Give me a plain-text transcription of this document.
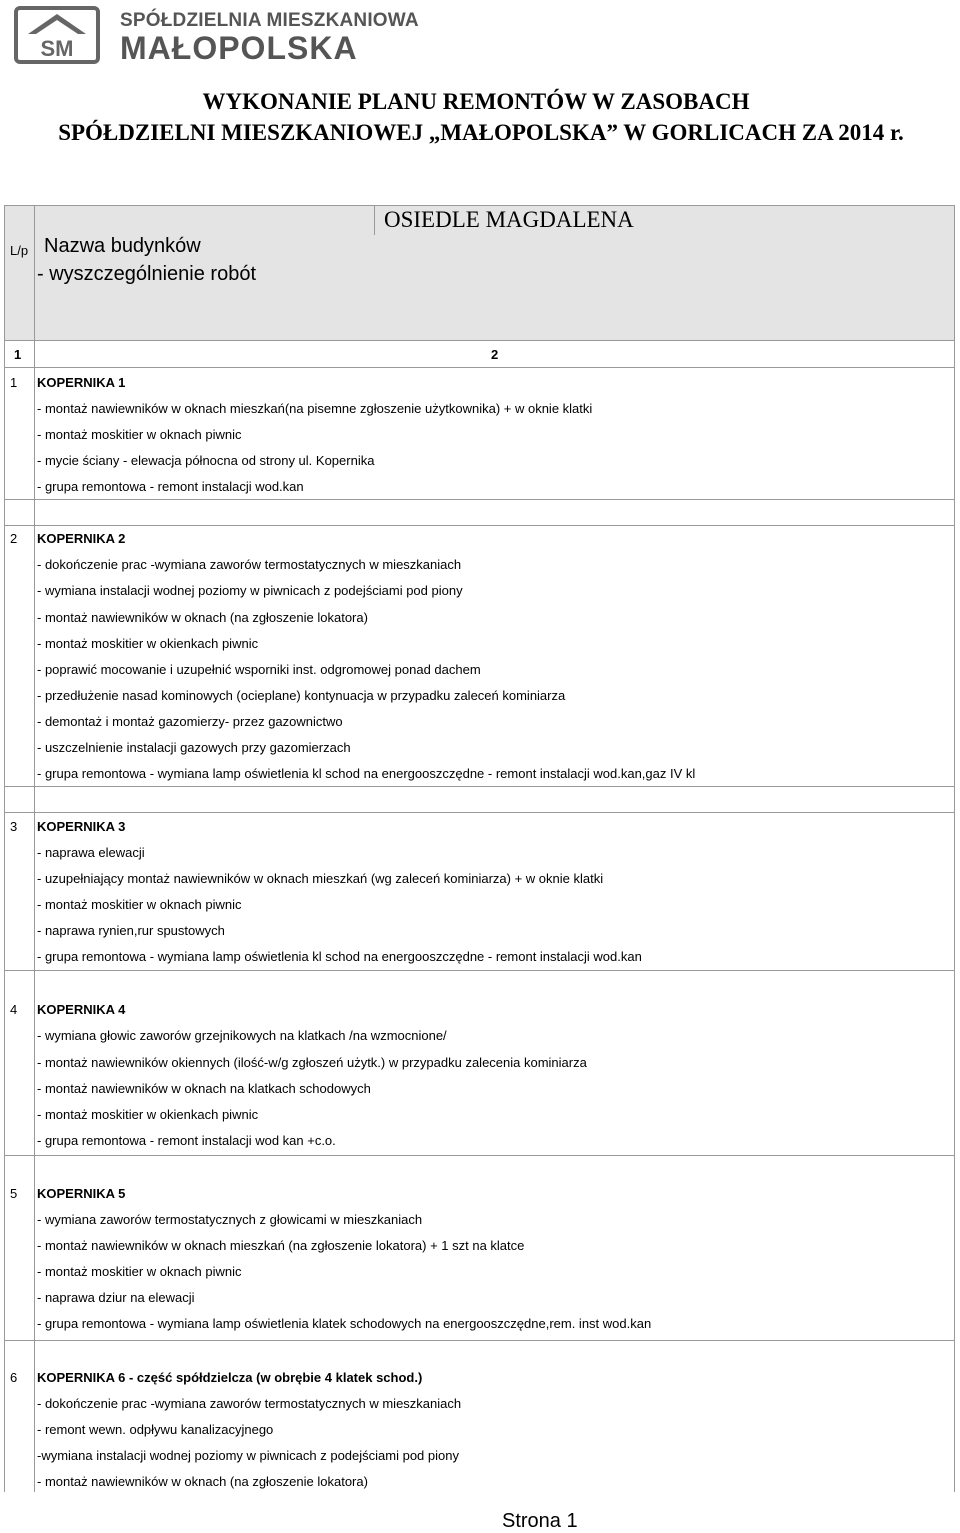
SM
SPÓŁDZIELNIA MIESZKANIOWA
MAŁOPOLSKA
WYKONANIE PLANU REMONTÓW W ZASOBACH
SPÓŁDZIELNI MIESZKANIOWEJ „MAŁOPOLSKA” W GORLICACH ZA 2014 r.
L/p Nazwa budynków
- wyszczególnienie robót
OSIEDLE MAGDALENA
1	2
1 KOPERNIKA 1
- montaż nawiewników w oknach mieszkań(na pisemne zgłoszenie użytkownika) + w oknie klatki
- montaż moskitier w oknach piwnic
- mycie ściany - elewacja północna od strony ul. Kopernika
- grupa remontowa - remont instalacji wod.kan
2 KOPERNIKA 2
- dokończenie prac -wymiana zaworów termostatycznych w mieszkaniach
- wymiana instalacji wodnej poziomy w piwnicach z podejściami pod piony
- montaż nawiewników w oknach (na zgłoszenie lokatora)
- montaż moskitier w okienkach piwnic
- poprawić mocowanie i uzupełnić wsporniki inst. odgromowej ponad dachem
- przedłużenie nasad kominowych (ocieplane) kontynuacja w przypadku zaleceń kominiarza
- demontaż i montaż gazomierzy- przez gazownictwo
- uszczelnienie instalacji gazowych przy gazomierzach
- grupa remontowa - wymiana lamp oświetlenia kl schod na energooszczędne - remont instalacji wod.kan,gaz IV kl
3 KOPERNIKA 3
- naprawa elewacji
- uzupełniający montaż nawiewników w oknach mieszkań (wg zaleceń kominiarza) + w oknie klatki
- montaż moskitier w oknach piwnic
- naprawa rynien,rur spustowych
- grupa remontowa - wymiana lamp oświetlenia kl schod na energooszczędne - remont instalacji wod.kan
4 KOPERNIKA 4
- wymiana głowic zaworów grzejnikowych na klatkach /na wzmocnione/
- montaż nawiewników okiennych (ilość-w/g zgłoszeń użytk.) w przypadku zalecenia kominiarza
- montaż nawiewników w oknach na klatkach schodowych
- montaż moskitier w okienkach piwnic
- grupa remontowa - remont instalacji wod kan +c.o.
5 KOPERNIKA 5
- wymiana zaworów termostatycznych z głowicami w mieszkaniach
- montaż nawiewników w oknach mieszkań (na zgłoszenie lokatora) + 1 szt na klatce
- montaż moskitier w oknach piwnic
- naprawa dziur na elewacji
- grupa remontowa - wymiana lamp oświetlenia klatek schodowych na energooszczędne,rem. inst wod.kan
6 KOPERNIKA 6 - część spółdzielcza (w obrębie 4 klatek schod.)
- dokończenie prac -wymiana zaworów termostatycznych w mieszkaniach
- remont wewn. odpływu kanalizacyjnego
-wymiana instalacji wodnej poziomy w piwnicach z podejściami pod piony
- montaż nawiewników w oknach (na zgłoszenie lokatora)
Strona 1
